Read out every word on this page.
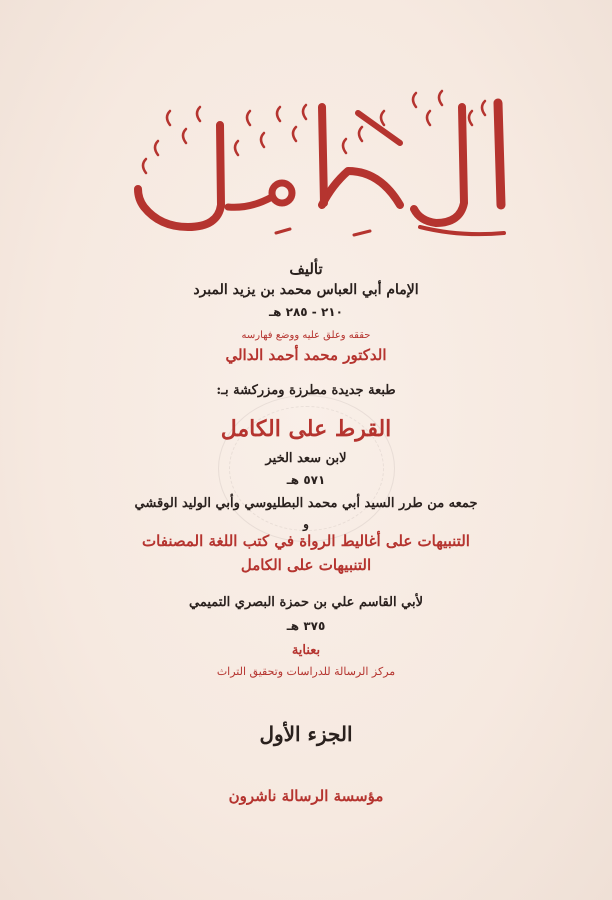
تأليف
الإمام أبي العباس محمد بن يزيد المبرد
٢١٠ - ٢٨٥ هـ
حققه وعلق عليه ووضع فهارسه
الدكتور محمد أحمد الدالي
طبعة جديدة مطرزة ومزركشة بـ:
القرط على الكامل
لابن سعد الخير
٥٧١ هـ
جمعه من طرر السيد أبي محمد البطليوسي وأبي الوليد الوقشي
و
التنبيهات على أغاليط الرواة في كتب اللغة المصنفات
التنبيهات على الكامل
لأبي القاسم علي بن حمزة البصري التميمي
٣٧٥ هـ
بعناية
مركز الرسالة للدراسات وتحقيق التراث
الجزء الأول
مؤسسة الرسالة ناشرون
